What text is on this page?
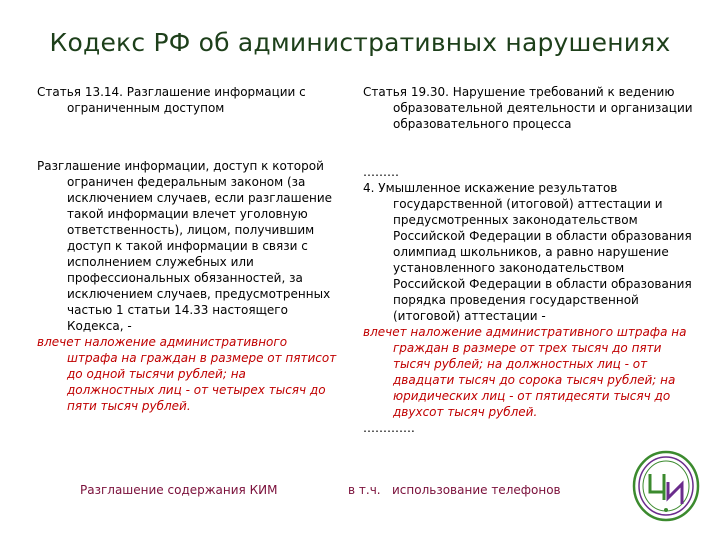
Кодекс РФ об административных нарушениях

Статья 13.14. Разглашение информации с ограниченным доступом

Разглашение информации, доступ к которой ограничен федеральным законом (за исключением случаев, если разглашение такой информации влечет уголовную ответственность), лицом, получившим доступ к такой информации в связи с исполнением служебных или профессиональных обязанностей, за исключением случаев, предусмотренных частью 1 статьи 14.33 настоящего Кодекса, -

влечет наложение административного штрафа на граждан в размере от пятисот до одной тысячи рублей; на должностных лиц - от четырех тысяч до пяти тысяч рублей.

Статья 19.30. Нарушение требований к ведению образовательной деятельности и организации образовательного процесса

………

4. Умышленное искажение результатов государственной (итоговой) аттестации и предусмотренных законодательством Российской Федерации в области образования олимпиад школьников, а равно нарушение установленного законодательством Российской Федерации в области образования порядка проведения государственной (итоговой) аттестации -

влечет наложение административного штрафа на граждан в размере от трех тысяч до пяти тысяч рублей; на должностных лиц - от двадцати тысяч до сорока тысяч рублей; на юридических лиц - от пятидесяти тысяч до двухсот тысяч рублей.

………….

Разглашение содержания КИМ	в т.ч. использование телефонов
